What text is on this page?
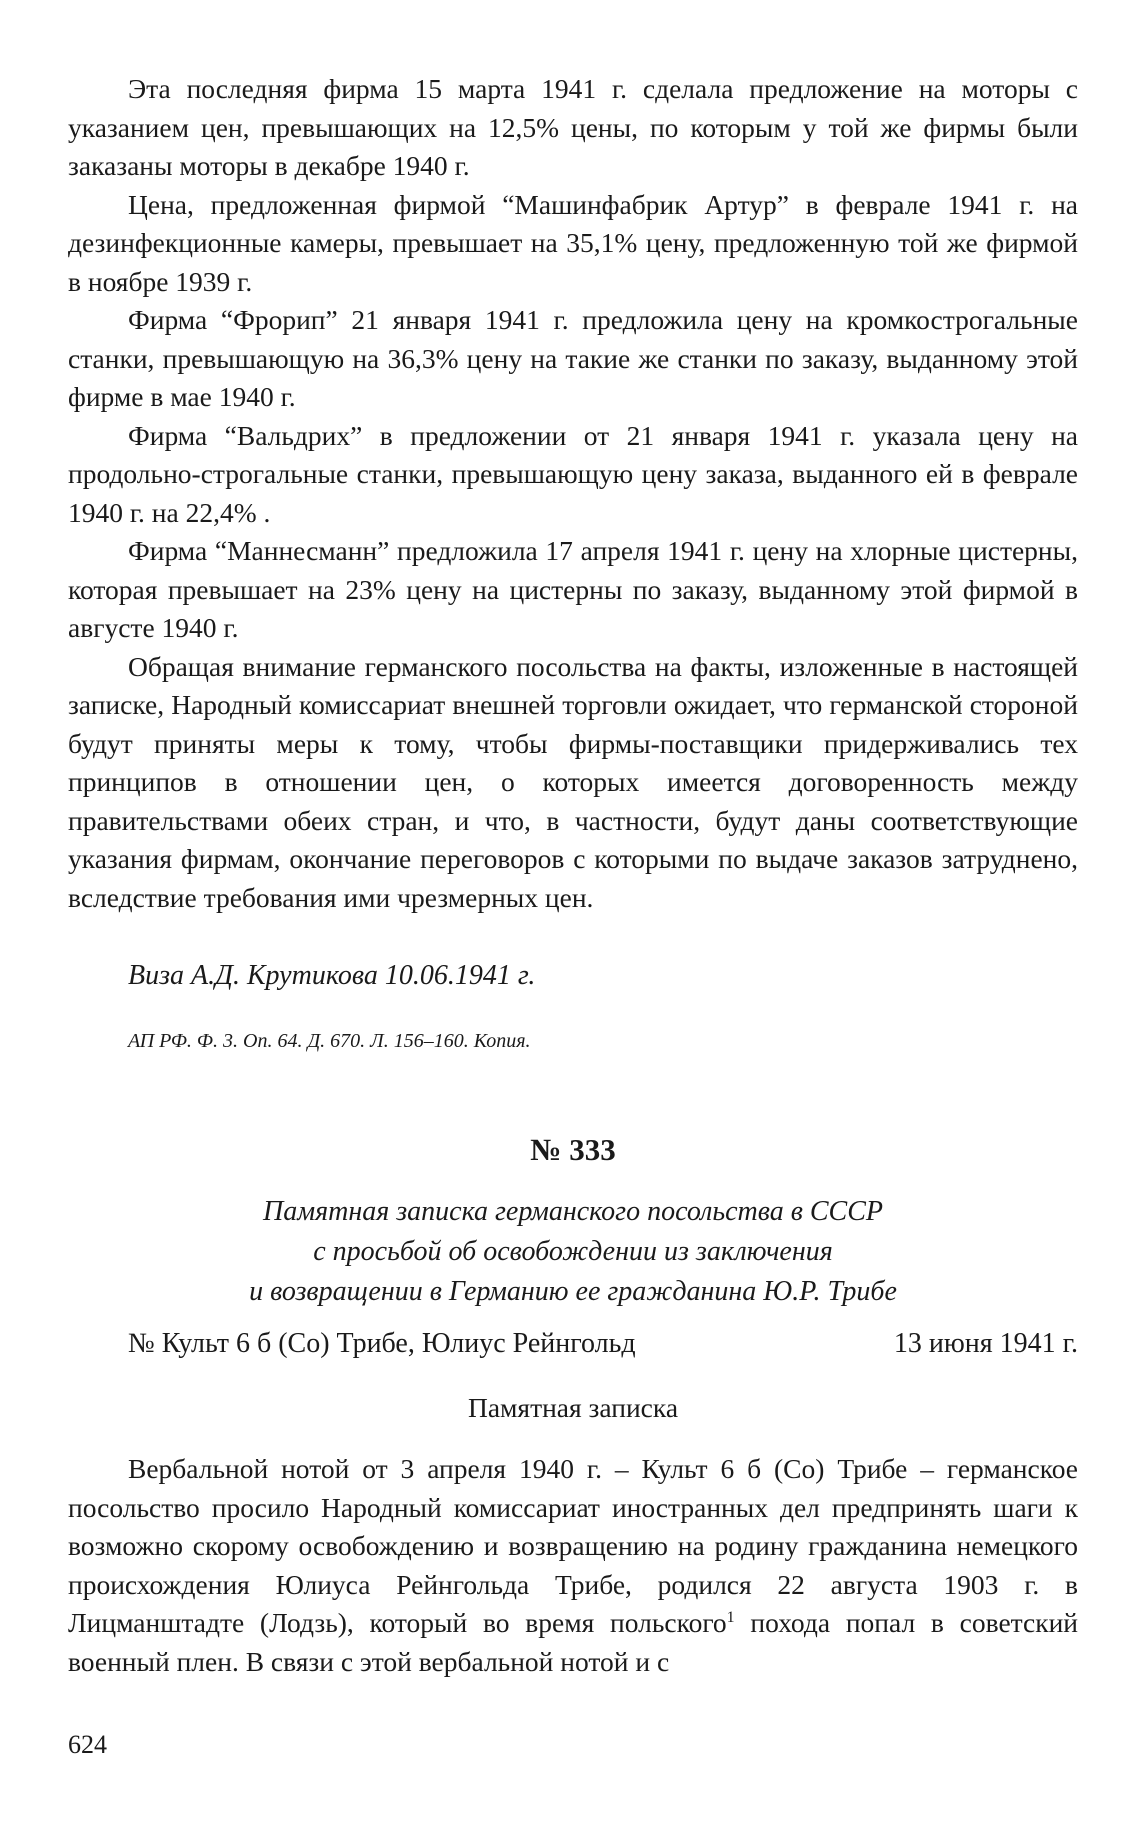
Эта последняя фирма 15 марта 1941 г. сделала предложение на моторы с указанием цен, превышающих на 12,5% цены, по которым у той же фирмы были заказаны моторы в декабре 1940 г.

Цена, предложенная фирмой “Машинфабрик Артур” в феврале 1941 г. на дезинфекционные камеры, превышает на 35,1% цену, предложенную той же фирмой в ноябре 1939 г.

Фирма “Фрорип” 21 января 1941 г. предложила цену на кромкострогальные станки, превышающую на 36,3% цену на такие же станки по заказу, выданному этой фирме в мае 1940 г.

Фирма “Вальдрих” в предложении от 21 января 1941 г. указала цену на продольно-строгальные станки, превышающую цену заказа, выданного ей в феврале 1940 г. на 22,4% .

Фирма “Маннесманн” предложила 17 апреля 1941 г. цену на хлорные цистерны, которая превышает на 23% цену на цистерны по заказу, выданному этой фирмой в августе 1940 г.

Обращая внимание германского посольства на факты, изложенные в настоящей записке, Народный комиссариат внешней торговли ожидает, что германской стороной будут приняты меры к тому, чтобы фирмы-поставщики придерживались тех принципов в отношении цен, о которых имеется договоренность между правительствами обеих стран, и что, в частности, будут даны соответствующие указания фирмам, окончание переговоров с которыми по выдаче заказов затруднено, вследствие требования ими чрезмерных цен.

Виза А.Д. Крутикова 10.06.1941 г.
АП РФ. Ф. 3. Оп. 64. Д. 670. Л. 156–160. Копия.
№ 333
Памятная записка германского посольства в СССР
с просьбой об освобождении из заключения
и возвращении в Германию ее гражданина Ю.Р. Трибе
№ Культ 6 б (Со) Трибе, Юлиус Рейнгольд	13 июня 1941 г.
Памятная записка

Вербальной нотой от 3 апреля 1940 г. – Культ 6 б (Со) Трибе – германское посольство просило Народный комиссариат иностранных дел предпринять шаги к возможно скорому освобождению и возвращению на родину гражданина немецкого происхождения Юлиуса Рейнгольда Трибе, родился 22 августа 1903 г. в Лицманштадте (Лодзь), который во время польского$^1$ похода попал в советский военный плен. В связи с этой вербальной нотой и с

624
